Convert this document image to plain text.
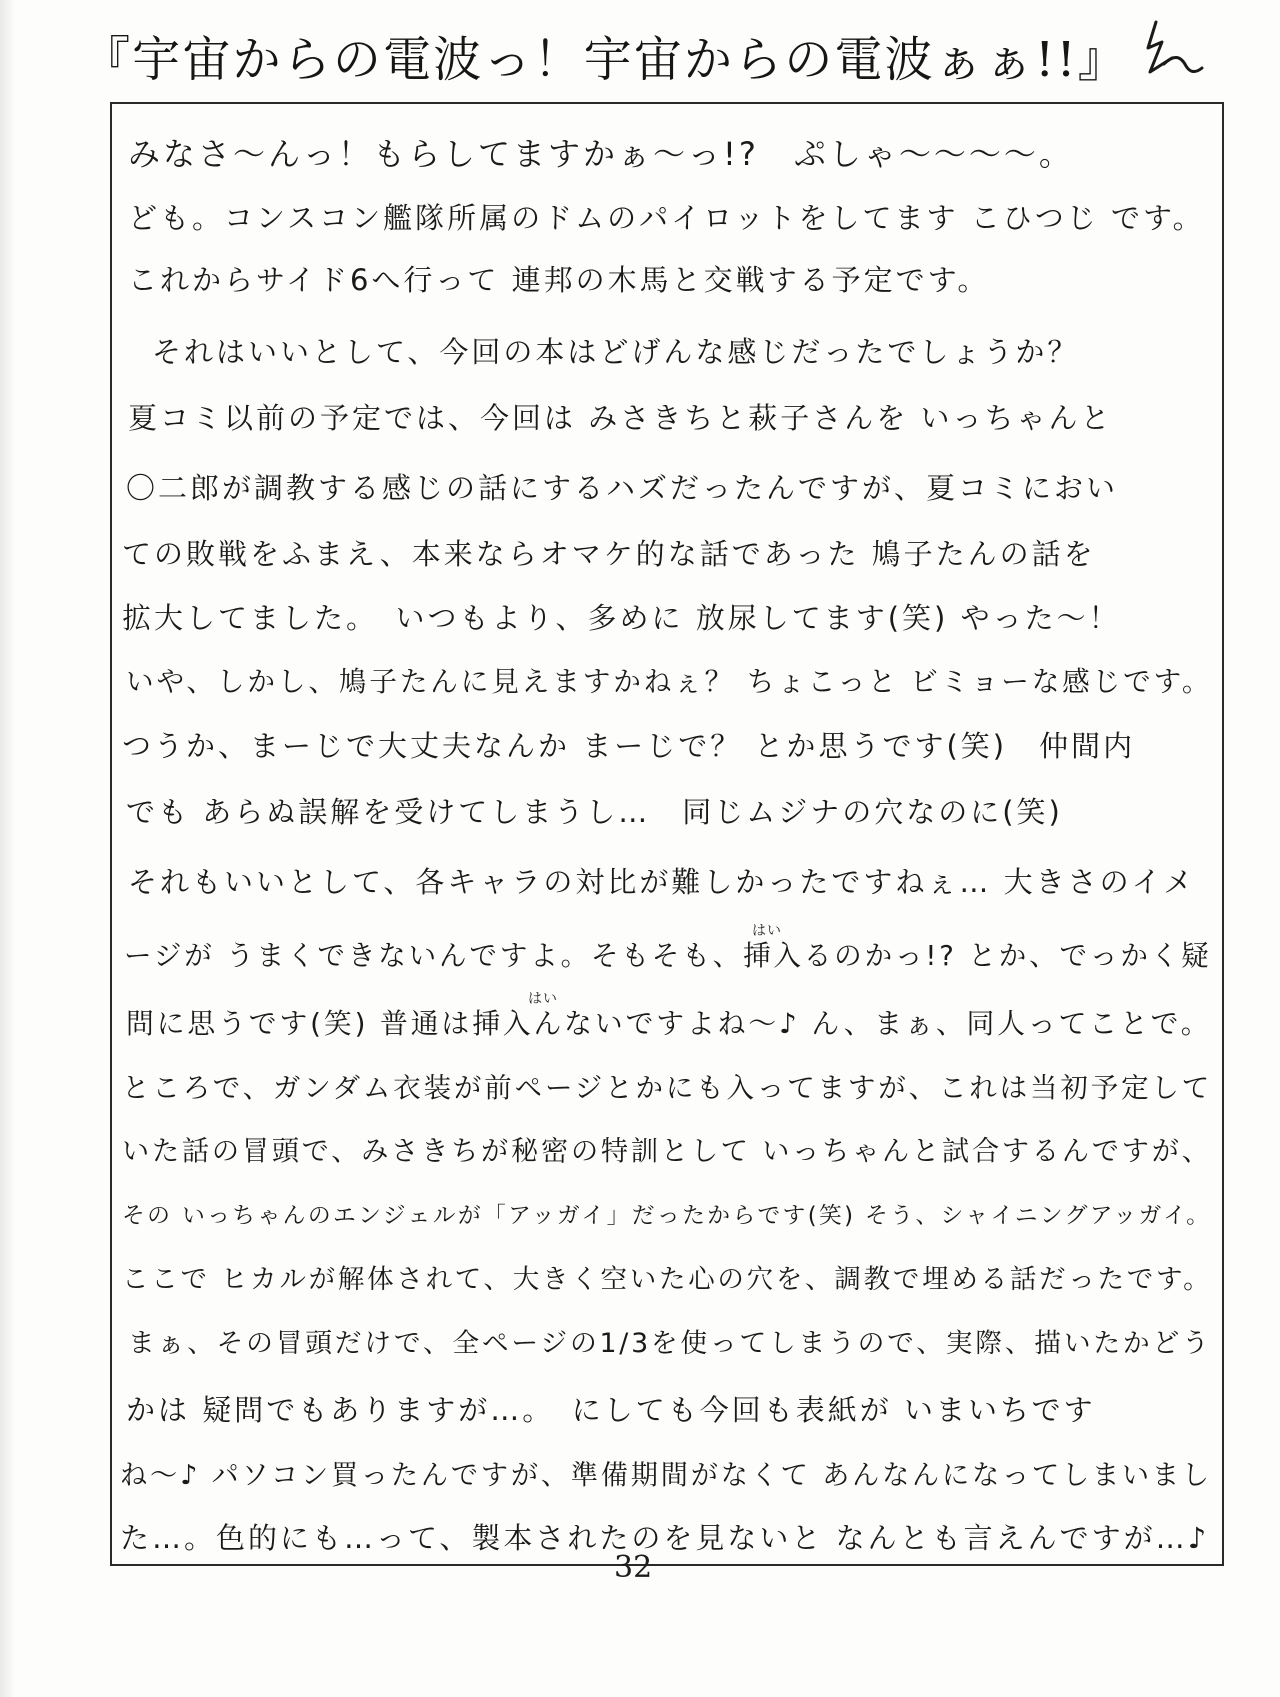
『宇宙からの電波っ！宇宙からの電波ぁぁ!!』
みなさ〜んっ！もらしてますかぁ〜っ!?　ぷしゃ〜〜〜〜。
ども。コンスコン艦隊所属のドムのパイロットをしてます こひつじ です。
これからサイド6へ行って 連邦の木馬と交戦する予定です。
それはいいとして、今回の本はどげんな感じだったでしょうか？
夏コミ以前の予定では、今回は みさきちと萩子さんを いっちゃんと
〇二郎が調教する感じの話にするハズだったんですが、夏コミにおい
ての敗戦をふまえ、本来ならオマケ的な話であった 鳩子たんの話を
拡大してました。　いつもより、多めに 放尿してます(笑) やった〜！
いや、しかし、鳩子たんに見えますかねぇ？ ちょこっと ビミョーな感じです。
つうか、まーじで大丈夫なんか まーじで？ とか思うです(笑)　仲間内
でも あらぬ誤解を受けてしまうし…　同じムジナの穴なのに(笑)
それもいいとして、各キャラの対比が難しかったですねぇ… 大きさのイメ
ージが うまくできないんですよ。そもそも、挿入るのかっ!? とか、でっかく疑
問に思うです(笑) 普通は挿入んないですよね〜♪ ん、まぁ、同人ってことで。
ところで、ガンダム衣装が前ページとかにも入ってますが、これは当初予定して
いた話の冒頭で、みさきちが秘密の特訓として いっちゃんと試合するんですが、
その いっちゃんのエンジェルが「アッガイ」だったからです(笑) そう、シャイニングアッガイ。
ここで ヒカルが解体されて、大きく空いた心の穴を、調教で埋める話だったです。
まぁ、その冒頭だけで、全ページの1/3を使ってしまうので、実際、描いたかどう
かは 疑問でもありますが…。　にしても今回も表紙が いまいちです
ね〜♪ パソコン買ったんですが、準備期間がなくて あんなんになってしまいまし
た…。色的にも…って、製本されたのを見ないと なんとも言えんですが…♪
はい
はい
32
